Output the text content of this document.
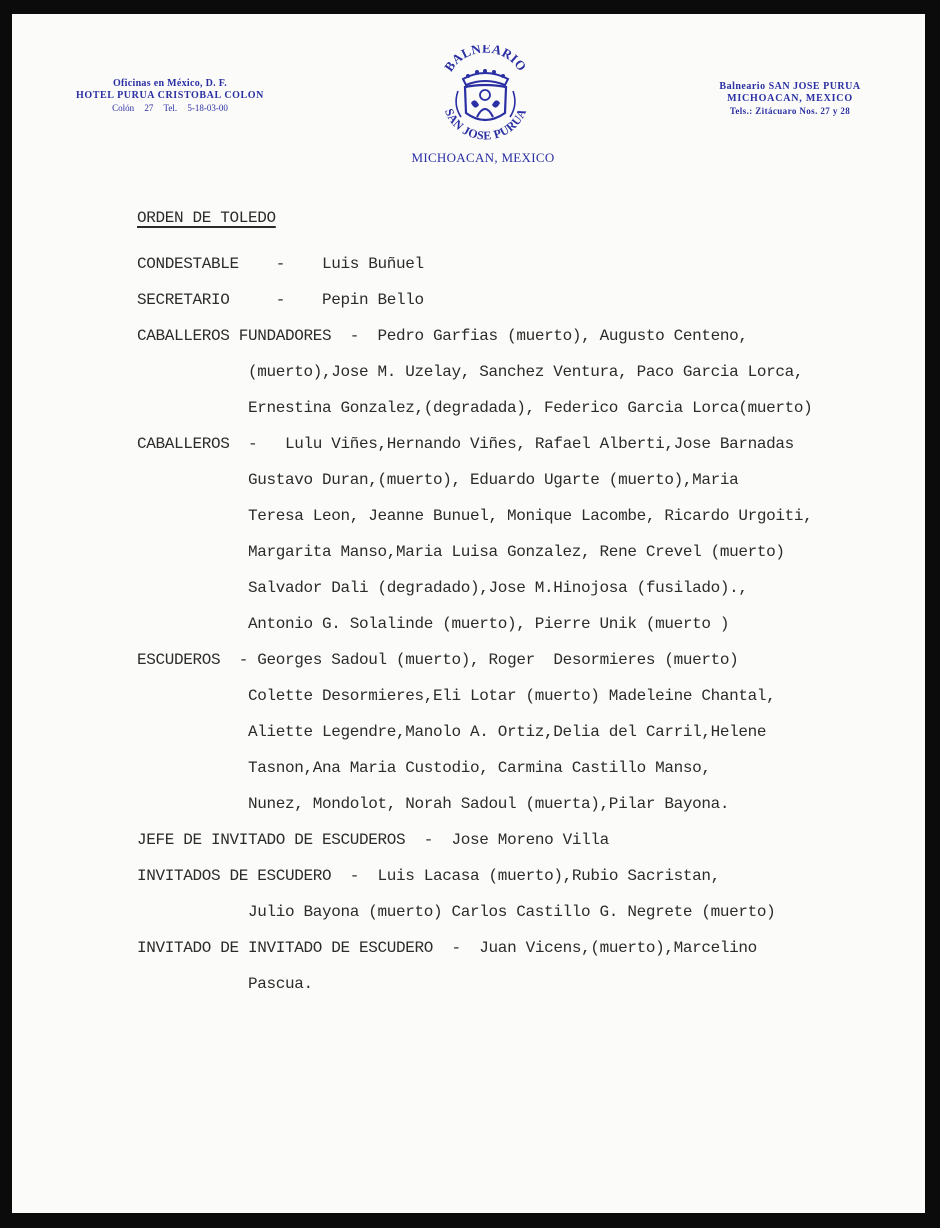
Oficinas en México, D. F.
HOTEL PURUA CRISTOBAL COLON
Colón 27 Tel. 5-18-03-00
BALNEARIO
SAN JOSE PURUA
MICHOACAN, MEXICO
Balneario SAN JOSE PURUA
MICHOACAN, MEXICO
Tels.: Zitácuaro Nos. 27 y 28
ORDEN DE TOLEDO
CONDESTABLE    -    Luis Buñuel
SECRETARIO     -    Pepin Bello
CABALLEROS FUNDADORES  -  Pedro Garfias (muerto), Augusto Centeno,
(muerto),Jose M. Uzelay, Sanchez Ventura, Paco Garcia Lorca,
Ernestina Gonzalez,(degradada), Federico Garcia Lorca(muerto)
CABALLEROS  -   Lulu Viñes,Hernando Viñes, Rafael Alberti,Jose Barnadas
Gustavo Duran,(muerto), Eduardo Ugarte (muerto),Maria
Teresa Leon, Jeanne Bunuel, Monique Lacombe, Ricardo Urgoiti,
Margarita Manso,Maria Luisa Gonzalez, Rene Crevel (muerto)
Salvador Dali (degradado),Jose M.Hinojosa (fusilado).,
Antonio G. Solalinde (muerto), Pierre Unik (muerto )
ESCUDEROS  - Georges Sadoul (muerto), Roger  Desormieres (muerto)
Colette Desormieres,Eli Lotar (muerto) Madeleine Chantal,
Aliette Legendre,Manolo A. Ortiz,Delia del Carril,Helene
Tasnon,Ana Maria Custodio, Carmina Castillo Manso,
Nunez, Mondolot, Norah Sadoul (muerta),Pilar Bayona.
JEFE DE INVITADO DE ESCUDEROS  -  Jose Moreno Villa
INVITADOS DE ESCUDERO  -  Luis Lacasa (muerto),Rubio Sacristan,
Julio Bayona (muerto) Carlos Castillo G. Negrete (muerto)
INVITADO DE INVITADO DE ESCUDERO  -  Juan Vicens,(muerto),Marcelino
Pascua.
